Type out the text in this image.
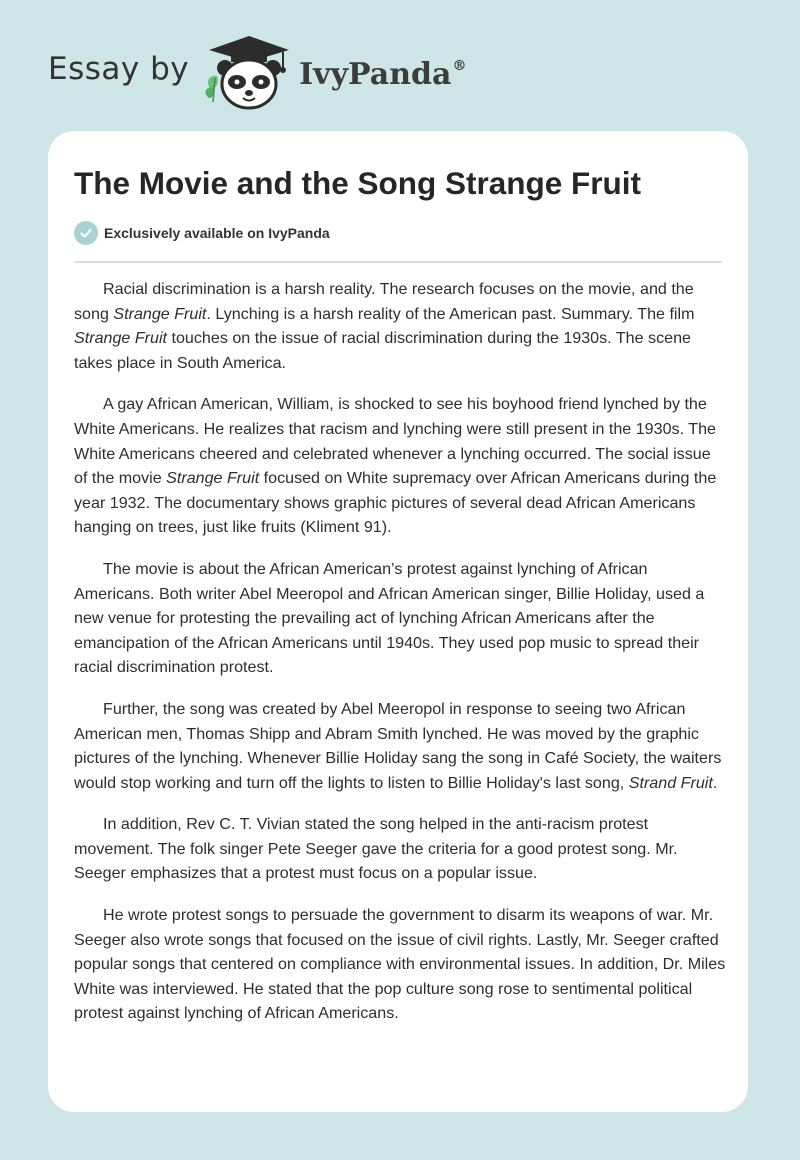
Essay by	IvyPanda®
The Movie and the Song Strange Fruit
Exclusively available on IvyPanda

Racial discrimination is a harsh reality. The research focuses on the movie, and the song Strange Fruit. Lynching is a harsh reality of the American past. Summary. The film Strange Fruit touches on the issue of racial discrimination during the 1930s. The scene takes place in South America.

A gay African American, William, is shocked to see his boyhood friend lynched by the White Americans. He realizes that racism and lynching were still present in the 1930s. The White Americans cheered and celebrated whenever a lynching occurred. The social issue of the movie Strange Fruit focused on White supremacy over African Americans during the year 1932. The documentary shows graphic pictures of several dead African Americans hanging on trees, just like fruits (Kliment 91).

The movie is about the African American’s protest against lynching of African Americans. Both writer Abel Meeropol and African American singer, Billie Holiday, used a new venue for protesting the prevailing act of lynching African Americans after the emancipation of the African Americans until 1940s. They used pop music to spread their racial discrimination protest.

Further, the song was created by Abel Meeropol in response to seeing two African American men, Thomas Shipp and Abram Smith lynched. He was moved by the graphic pictures of the lynching. Whenever Billie Holiday sang the song in Café Society, the waiters would stop working and turn off the lights to listen to Billie Holiday's last song, Strand Fruit.

In addition, Rev C. T. Vivian stated the song helped in the anti-racism protest movement. The folk singer Pete Seeger gave the criteria for a good protest song. Mr. Seeger emphasizes that a protest must focus on a popular issue.

He wrote protest songs to persuade the government to disarm its weapons of war. Mr. Seeger also wrote songs that focused on the issue of civil rights. Lastly, Mr. Seeger crafted popular songs that centered on compliance with environmental issues. In addition, Dr. Miles White was interviewed. He stated that the pop culture song rose to sentimental political protest against lynching of African Americans.
